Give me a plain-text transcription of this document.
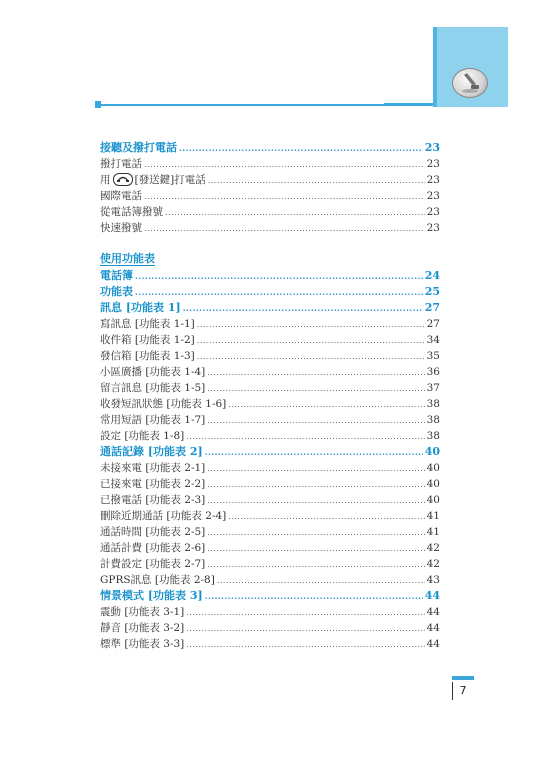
接聽及撥打電話 .....	23
撥打電話 .....	23
用 [發送鍵]打電話 .....	23
國際電話 .....	23
從電話簿撥號 .....	23
快速撥號 .....	23
使用功能表
電話簿 .....	24
功能表 .....	25
訊息 [功能表 1] .....	27
寫訊息 [功能表 1-1] .....	27
收件箱 [功能表 1-2] .....	34
發信箱 [功能表 1-3] .....	35
小區廣播 [功能表 1-4] .....	36
留言訊息 [功能表 1-5] .....	37
收發短訊狀態 [功能表 1-6] .....	38
常用短語 [功能表 1-7] .....	38
設定 [功能表 1-8] .....	38
通話記錄 [功能表 2] .....	40
未接來電 [功能表 2-1] .....	40
已接來電 [功能表 2-2] .....	40
已撥電話 [功能表 2-3] .....	40
刪除近期通話 [功能表 2-4] .....	41
通話時間 [功能表 2-5] .....	41
通話計費 [功能表 2-6] .....	42
計費設定 [功能表 2-7] .....	42
GPRS訊息 [功能表 2-8] .....	43
情景模式 [功能表 3] .....	44
震動 [功能表 3-1] .....	44
靜音 [功能表 3-2] .....	44
標準 [功能表 3-3] .....	44
7
